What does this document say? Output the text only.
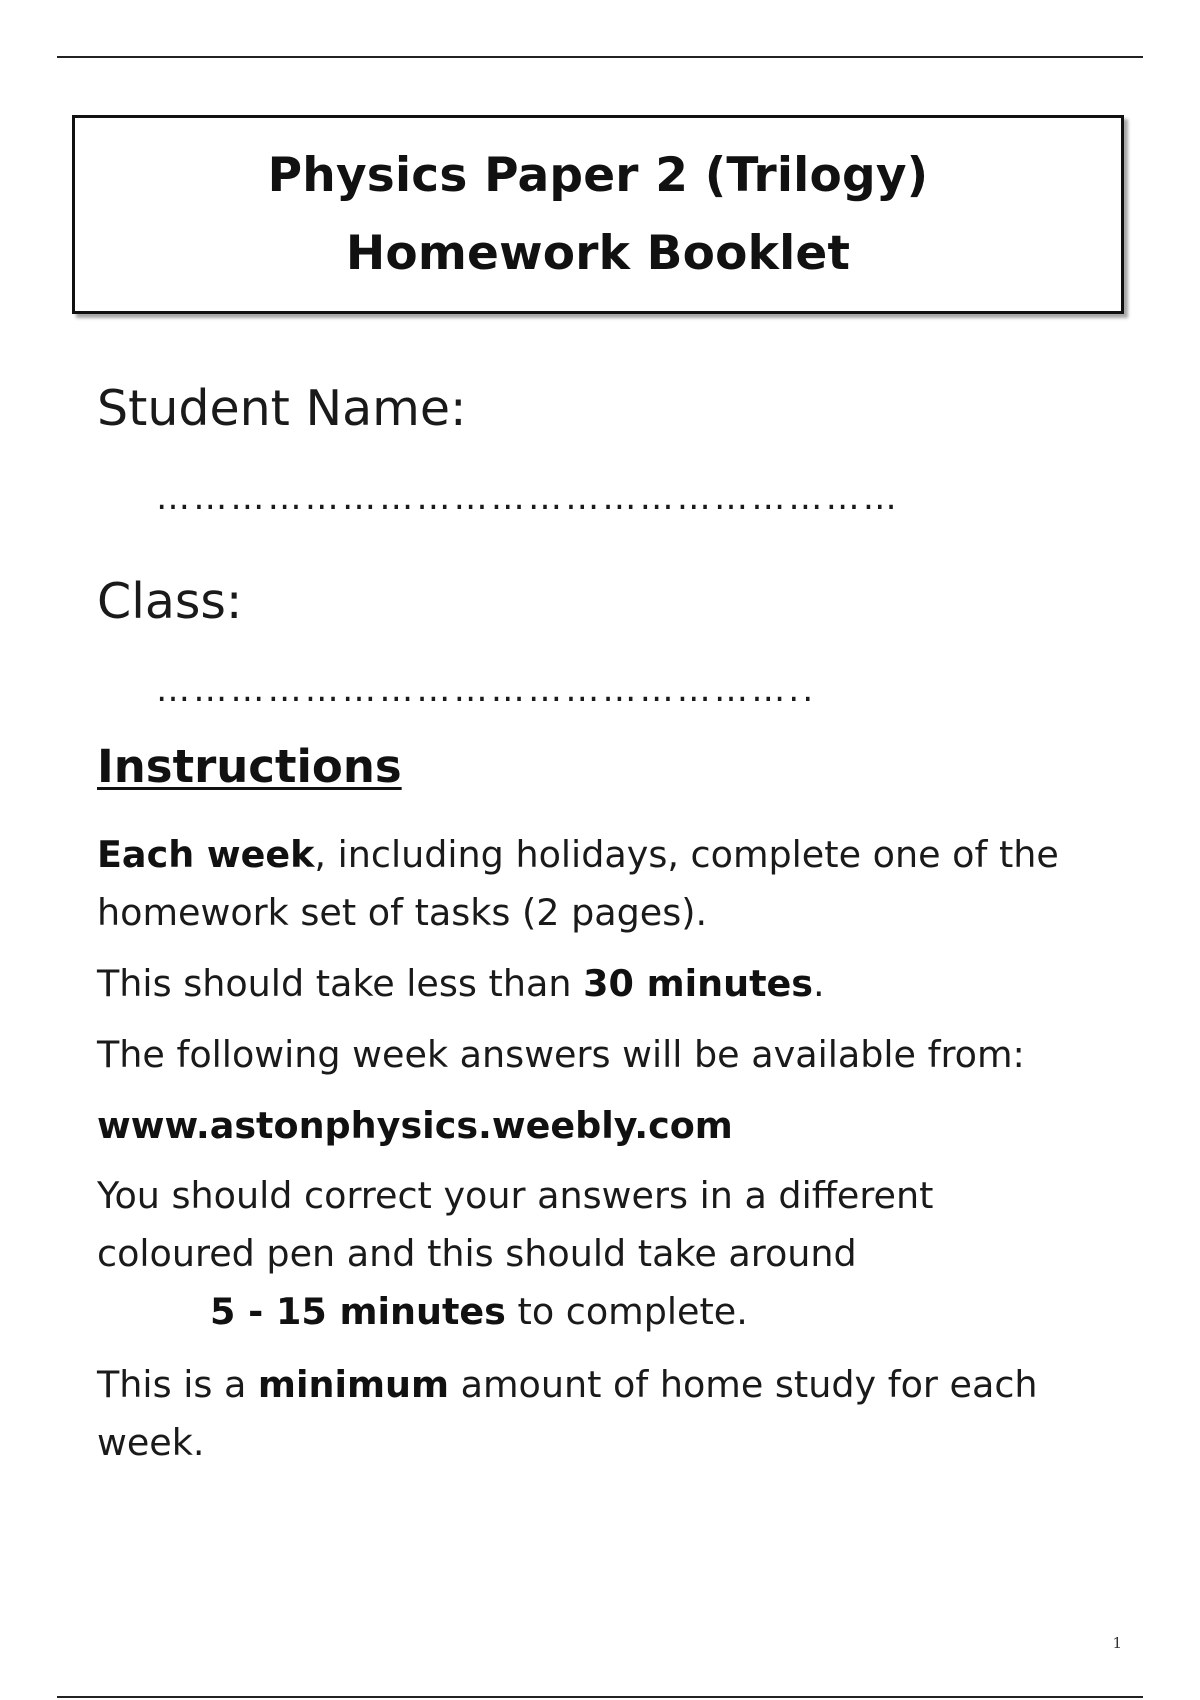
Physics Paper 2 (Trilogy)
Homework Booklet
Student Name:
……………………………………………………
Class:
……………………………………………..
Instructions
Each week, including holidays, complete one of the homework set of tasks (2 pages).
This should take less than 30 minutes.
The following week answers will be available from:
www.astonphysics.weebly.com
You should correct your answers in a different coloured pen and this should take around
5 - 15 minutes to complete.
This is a minimum amount of home study for each week.
1
